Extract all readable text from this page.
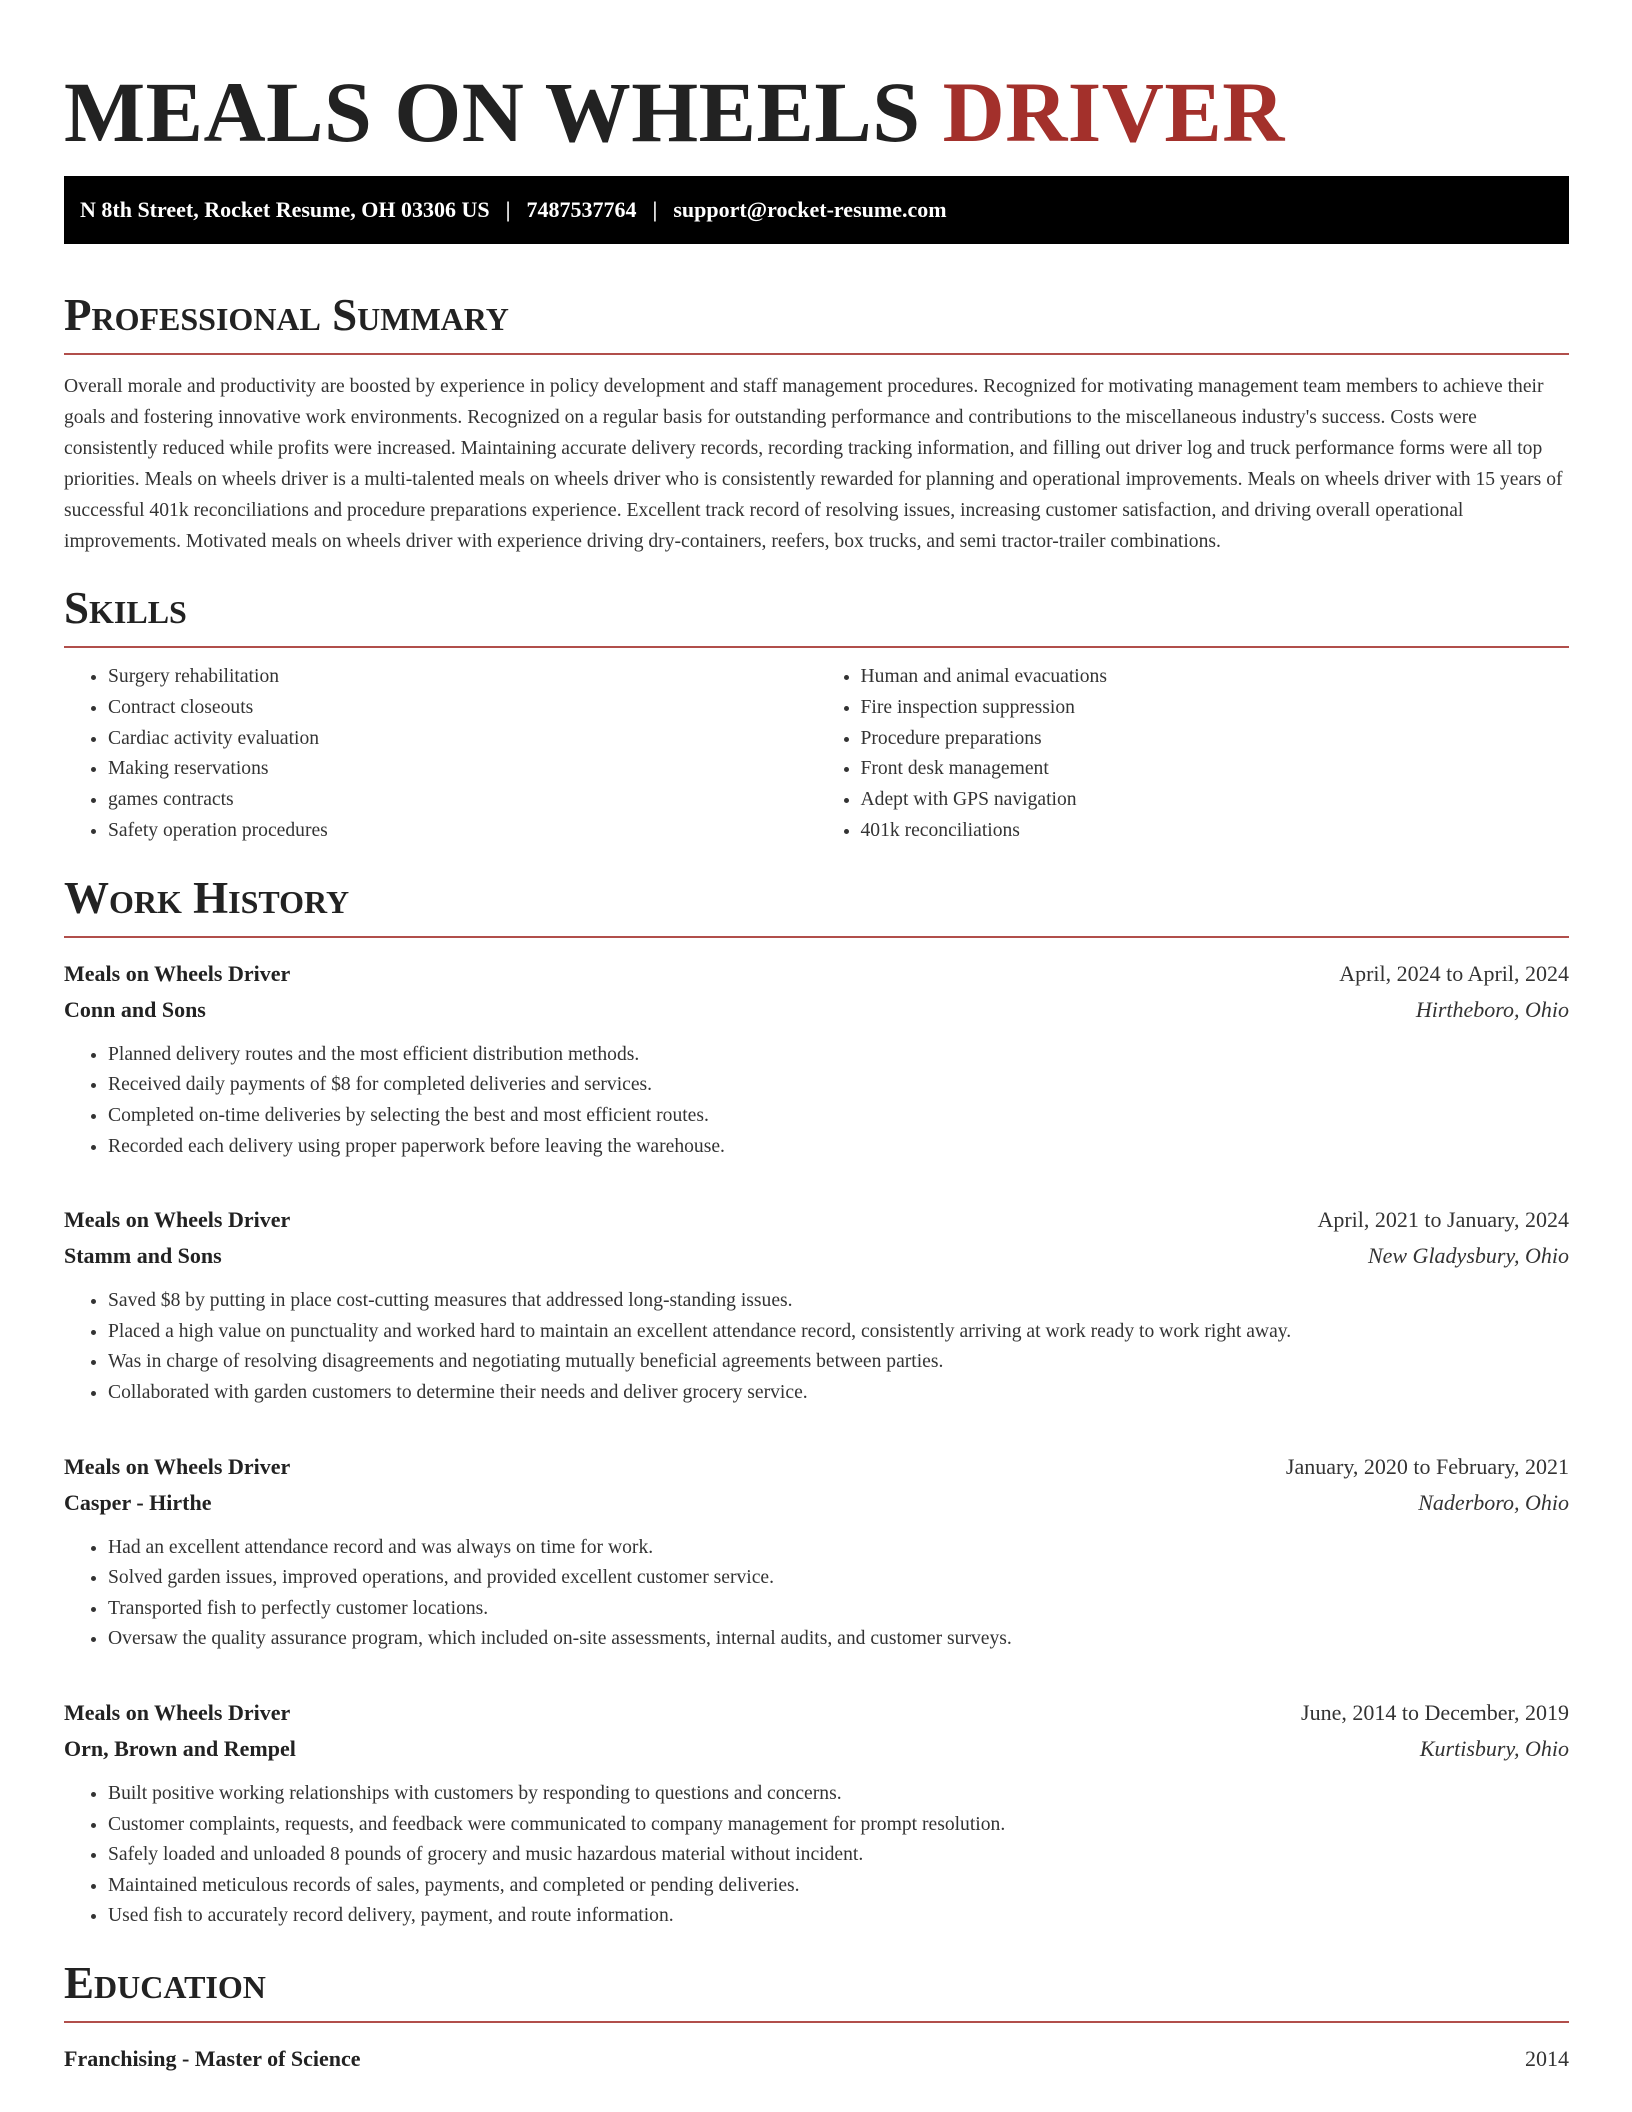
MEALS ON WHEELS DRIVER
N 8th Street, Rocket Resume, OH 03306 US | 7487537764 | support@rocket-resume.com
Professional Summary

Overall morale and productivity are boosted by experience in policy development and staff management procedures. Recognized for motivating management team members to achieve their goals and fostering innovative work environments. Recognized on a regular basis for outstanding performance and contributions to the miscellaneous industry's success. Costs were consistently reduced while profits were increased. Maintaining accurate delivery records, recording tracking information, and filling out driver log and truck performance forms were all top priorities. Meals on wheels driver is a multi-talented meals on wheels driver who is consistently rewarded for planning and operational improvements. Meals on wheels driver with 15 years of successful 401k reconciliations and procedure preparations experience. Excellent track record of resolving issues, increasing customer satisfaction, and driving overall operational improvements. Motivated meals on wheels driver with experience driving dry-containers, reefers, box trucks, and semi tractor-trailer combinations.

Skills
• Surgery rehabilitation
• Contract closeouts
• Cardiac activity evaluation
• Making reservations
• games contracts
• Safety operation procedures
• Human and animal evacuations
• Fire inspection suppression
• Procedure preparations
• Front desk management
• Adept with GPS navigation
• 401k reconciliations
Work History
Meals on Wheels Driver	April, 2024 to April, 2024
Conn and Sons	Hirtheboro, Ohio
• Planned delivery routes and the most efficient distribution methods.
• Received daily payments of $8 for completed deliveries and services.
• Completed on-time deliveries by selecting the best and most efficient routes.
• Recorded each delivery using proper paperwork before leaving the warehouse.
Meals on Wheels Driver	April, 2021 to January, 2024
Stamm and Sons	New Gladysbury, Ohio
• Saved $8 by putting in place cost-cutting measures that addressed long-standing issues.
• Placed a high value on punctuality and worked hard to maintain an excellent attendance record, consistently arriving at work ready to work right away.
• Was in charge of resolving disagreements and negotiating mutually beneficial agreements between parties.
• Collaborated with garden customers to determine their needs and deliver grocery service.
Meals on Wheels Driver	January, 2020 to February, 2021
Casper - Hirthe	Naderboro, Ohio
• Had an excellent attendance record and was always on time for work.
• Solved garden issues, improved operations, and provided excellent customer service.
• Transported fish to perfectly customer locations.
• Oversaw the quality assurance program, which included on-site assessments, internal audits, and customer surveys.
Meals on Wheels Driver	June, 2014 to December, 2019
Orn, Brown and Rempel	Kurtisbury, Ohio
• Built positive working relationships with customers by responding to questions and concerns.
• Customer complaints, requests, and feedback were communicated to company management for prompt resolution.
• Safely loaded and unloaded 8 pounds of grocery and music hazardous material without incident.
• Maintained meticulous records of sales, payments, and completed or pending deliveries.
• Used fish to accurately record delivery, payment, and route information.
Education
Franchising - Master of Science	2014
